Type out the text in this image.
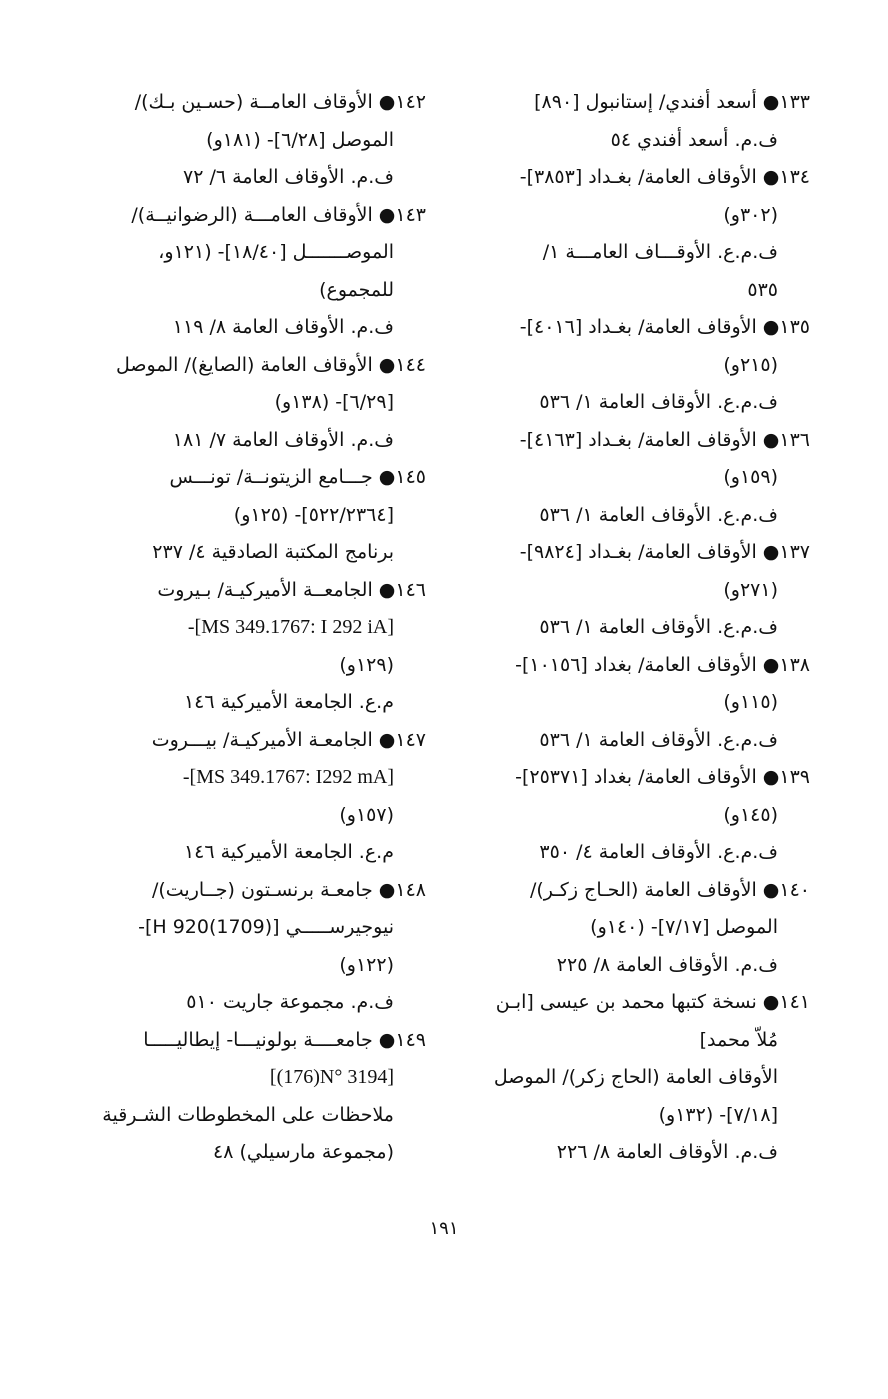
١٣٣● أسعد أفندي/ إستانبول [٨٩٠]
ف.م. أسعد أفندي ٥٤
١٣٤● الأوقاف العامة/ بغـداد [٣٨٥٣]-
(٣٠٢و)
ف.م.ع. الأوقـــاف العامـــة ١/
٥٣٥
١٣٥● الأوقاف العامة/ بغـداد [٤٠١٦]-
(٢١٥و)
ف.م.ع. الأوقاف العامة ١/ ٥٣٦
١٣٦● الأوقاف العامة/ بغـداد [٤١٦٣]-
(١٥٩و)
ف.م.ع. الأوقاف العامة ١/ ٥٣٦
١٣٧● الأوقاف العامة/ بغـداد [٩٨٢٤]-
(٢٧١و)
ف.م.ع. الأوقاف العامة ١/ ٥٣٦
١٣٨● الأوقاف العامة/ بغداد [١٠١٥٦]-
(١١٥و)
ف.م.ع. الأوقاف العامة ١/ ٥٣٦
١٣٩● الأوقاف العامة/ بغداد [٢٥٣٧١]-
(١٤٥و)
ف.م.ع. الأوقاف العامة ٤/ ٣٥٠
١٤٠● الأوقاف العامة (الحـاج زكـر)/
الموصل [٧/١٧]- (١٤٠و)
ف.م. الأوقاف العامة ٨/ ٢٢٥
١٤١● نسخة كتبها محمد بن عيسى [ابـن
مُلاّ محمد]
الأوقاف العامة (الحاج زكر)/ الموصل
[٧/١٨]- (١٣٢و)
ف.م. الأوقاف العامة ٨/ ٢٢٦
١٤٢● الأوقاف العامــة (حسـين بـك)/
الموصل [٦/٢٨]- (١٨١و)
ف.م. الأوقاف العامة ٦/ ٧٢
١٤٣● الأوقاف العامـــة (الرضوانيــة)/
الموصـــــــل [١٨/٤٠]- (١٢١و،
للمجموع)
ف.م. الأوقاف العامة ٨/ ١١٩
١٤٤● الأوقاف العامة (الصايغ)/ الموصل
[٦/٢٩]- (١٣٨و)
ف.م. الأوقاف العامة ٧/ ١٨١
١٤٥● جـــامع الزيتونــة/ تونـــس
[٥٢٢/٢٣٦٤]- (١٢٥و)
برنامج المكتبة الصادقية ٤/ ٢٣٧
١٤٦● الجامعــة الأميركيـة/ بـيروت
-[MS 349.1767: I 292 iA]
(١٢٩و)
م.ع. الجامعة الأميركية ١٤٦
١٤٧● الجامعـة الأميركيـة/ بيـــروت
-[MS 349.1767: I292 mA]
(١٥٧و)
م.ع. الجامعة الأميركية ١٤٦
١٤٨● جامعـة برنسـتون (جــاريت)/
نيوجيرســـــي [H 920(1709)]-
(١٢٢و)
ف.م. مجموعة جاريت ٥١٠
١٤٩● جامعــــة بولونيـــا- إيطاليـــــا
[(176)N° 3194]
ملاحظات على المخطوطات الشـرقية
(مجموعة مارسيلي) ٤٨
١٩١
